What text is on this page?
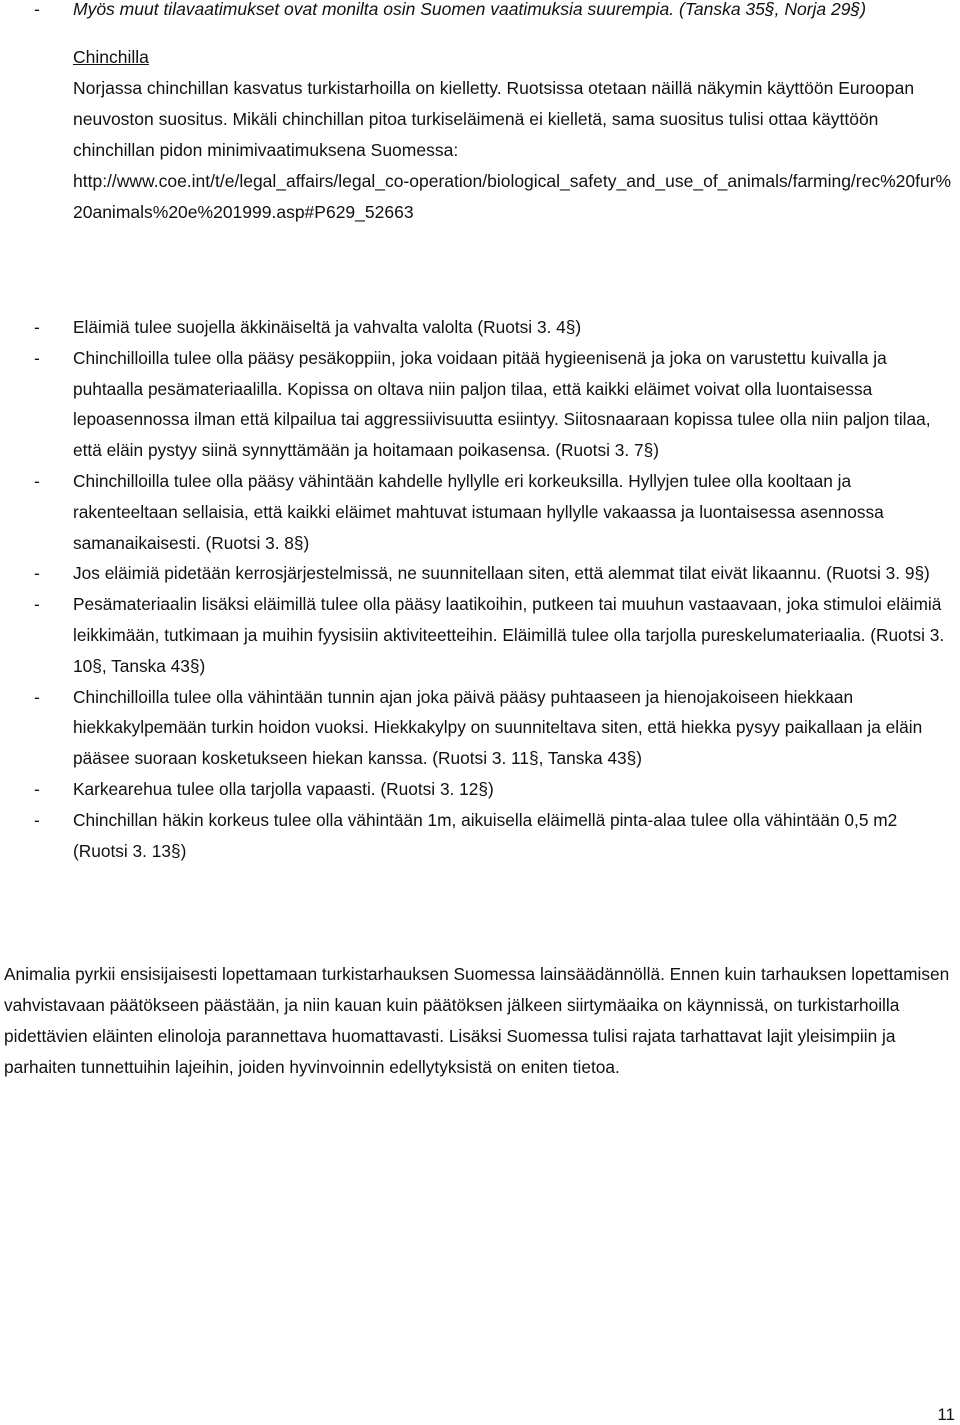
-	Myös muut tilavaatimukset ovat monilta osin Suomen vaatimuksia suurempia. (Tanska 35§, Norja 29§)
Chinchilla
Norjassa chinchillan kasvatus turkistarhoilla on kielletty. Ruotsissa otetaan näillä näkymin käyttöön Euroopan neuvoston suositus. Mikäli chinchillan pitoa turkiseläimenä ei kielletä, sama suositus tulisi ottaa käyttöön chinchillan pidon minimivaatimuksena Suomessa:
http://www.coe.int/t/e/legal_affairs/legal_co-operation/biological_safety_and_use_of_animals/farming/rec%20fur%20animals%20e%201999.asp#P629_52663
-	Eläimiä tulee suojella äkkinäiseltä ja vahvalta valolta (Ruotsi 3. 4§)
-	Chinchilloilla tulee olla pääsy pesäkoppiin, joka voidaan pitää hygieenisenä ja joka on varustettu kuivalla ja puhtaalla pesämateriaalilla. Kopissa on oltava niin paljon tilaa, että kaikki eläimet voivat olla luontaisessa lepoasennossa ilman että kilpailua tai aggressiivisuutta esiintyy. Siitosnaaraan kopissa tulee olla niin paljon tilaa, että eläin pystyy siinä synnyttämään ja hoitamaan poikasensa. (Ruotsi 3. 7§)
-	Chinchilloilla tulee olla pääsy vähintään kahdelle hyllylle eri korkeuksilla. Hyllyjen tulee olla kooltaan ja rakenteeltaan sellaisia, että kaikki eläimet mahtuvat istumaan hyllylle vakaassa ja luontaisessa asennossa samanaikaisesti. (Ruotsi 3. 8§)
-	Jos eläimiä pidetään kerrosjärjestelmissä, ne suunnitellaan siten, että alemmat tilat eivät likaannu. (Ruotsi 3. 9§)
-	Pesämateriaalin lisäksi eläimillä tulee olla pääsy laatikoihin, putkeen tai muuhun vastaavaan, joka stimuloi eläimiä leikkimään, tutkimaan ja muihin fyysisiin aktiviteetteihin. Eläimillä tulee olla tarjolla pureskelumateriaalia. (Ruotsi 3. 10§, Tanska 43§)
-	Chinchilloilla tulee olla vähintään tunnin ajan joka päivä pääsy puhtaaseen ja hienojakoiseen hiekkaan hiekkakylpemään turkin hoidon vuoksi. Hiekkakylpy on suunniteltava siten, että hiekka pysyy paikallaan ja eläin pääsee suoraan kosketukseen hiekan kanssa. (Ruotsi 3. 11§, Tanska 43§)
-	Karkearehua tulee olla tarjolla vapaasti. (Ruotsi 3. 12§)
-	Chinchillan häkin korkeus tulee olla vähintään 1m, aikuisella eläimellä pinta-alaa tulee olla vähintään 0,5 m2 (Ruotsi 3. 13§)

Animalia pyrkii ensisijaisesti lopettamaan turkistarhauksen Suomessa lainsäädännöllä. Ennen kuin tarhauksen lopettamisen vahvistavaan päätökseen päästään, ja niin kauan kuin päätöksen jälkeen siirtymäaika on käynnissä, on turkistarhoilla pidettävien eläinten elinoloja parannettava huomattavasti. Lisäksi Suomessa tulisi rajata tarhattavat lajit yleisimpiin ja parhaiten tunnettuihin lajeihin, joiden hyvinvoinnin edellytyksistä on eniten tietoa.

11
